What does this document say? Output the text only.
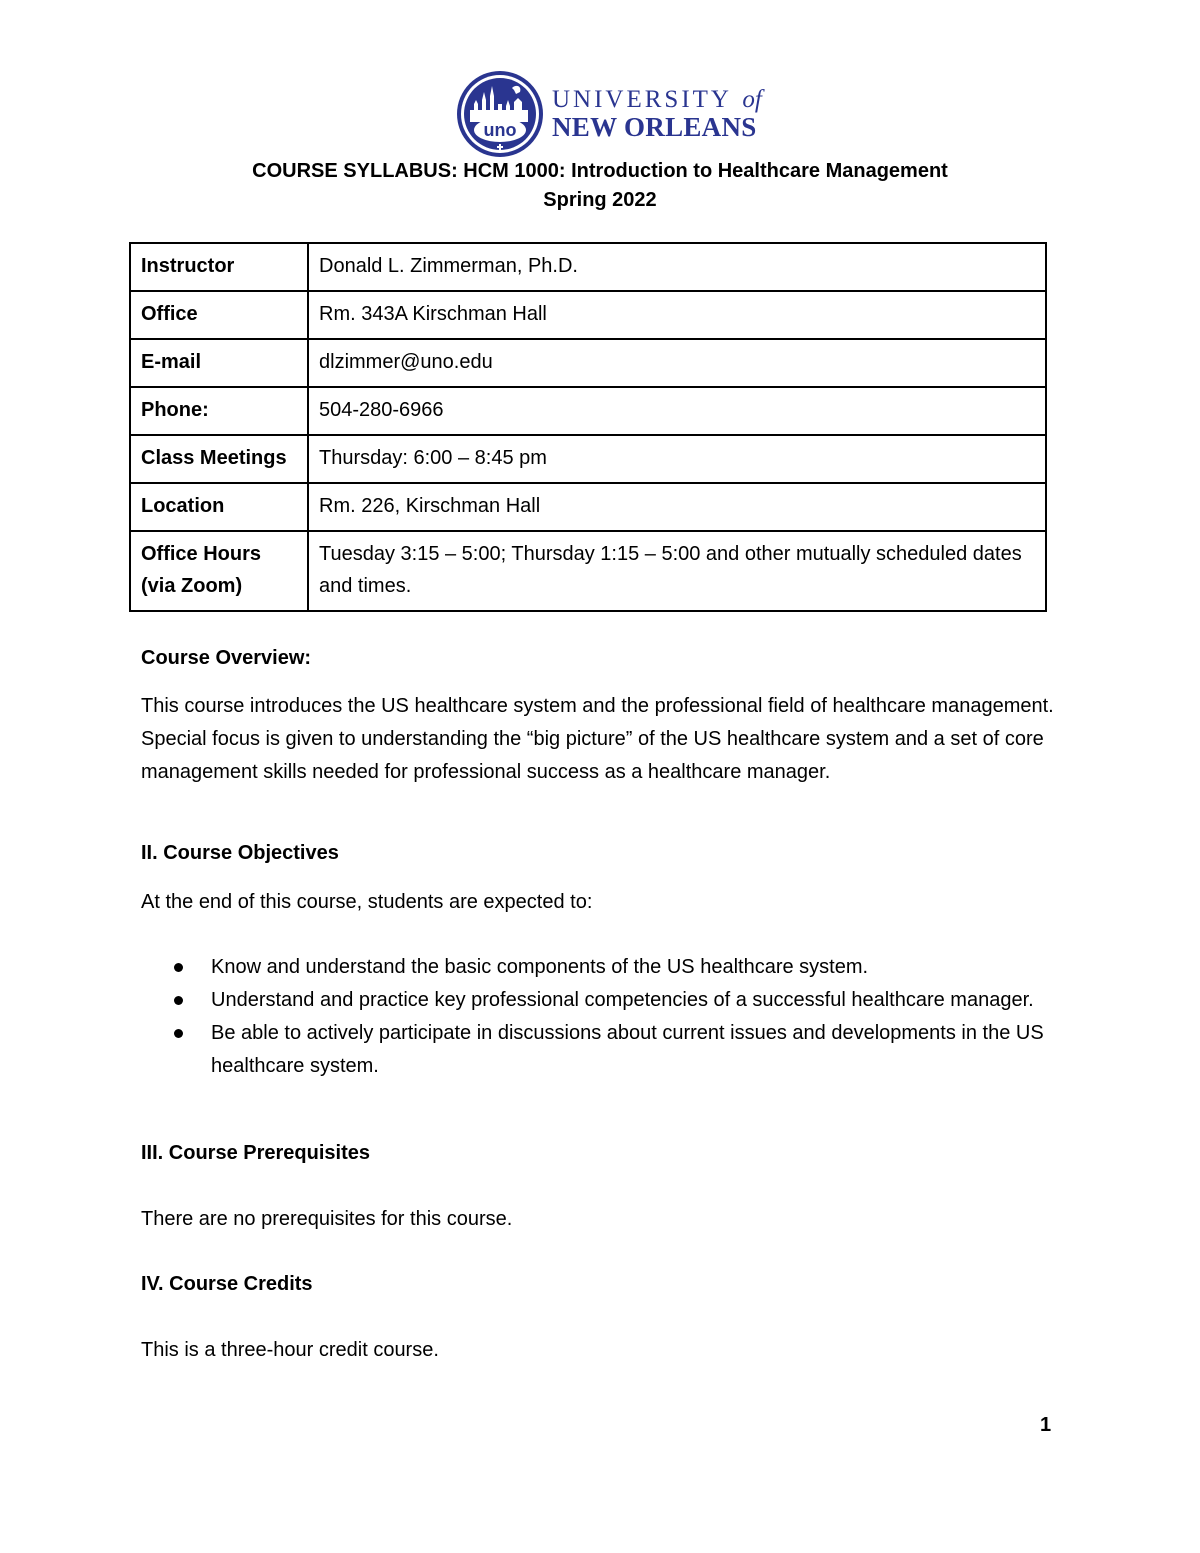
uno
UNIVERSITY of
NEW ORLEANS
COURSE SYLLABUS: HCM 1000: Introduction to Healthcare Management
Spring 2022
Instructor	Donald L. Zimmerman, Ph.D.
Office	Rm. 343A Kirschman Hall
E-mail	dlzimmer@uno.edu
Phone:	504-280-6966
Class Meetings	Thursday: 6:00 – 8:45 pm
Location	Rm. 226, Kirschman Hall
Office Hours (via Zoom)	Tuesday 3:15 – 5:00; Thursday 1:15 – 5:00 and other mutually scheduled dates and times.
Course Overview:
This course introduces the US healthcare system and the professional field of healthcare management. Special focus is given to understanding the “big picture” of the US healthcare system and a set of core management skills needed for professional success as a healthcare manager.
II. Course Objectives
At the end of this course, students are expected to:
Know and understand the basic components of the US healthcare system.
Understand and practice key professional competencies of a successful healthcare manager.
Be able to actively participate in discussions about current issues and developments in the US healthcare system.
III. Course Prerequisites
There are no prerequisites for this course.
IV. Course Credits
This is a three-hour credit course.
1
